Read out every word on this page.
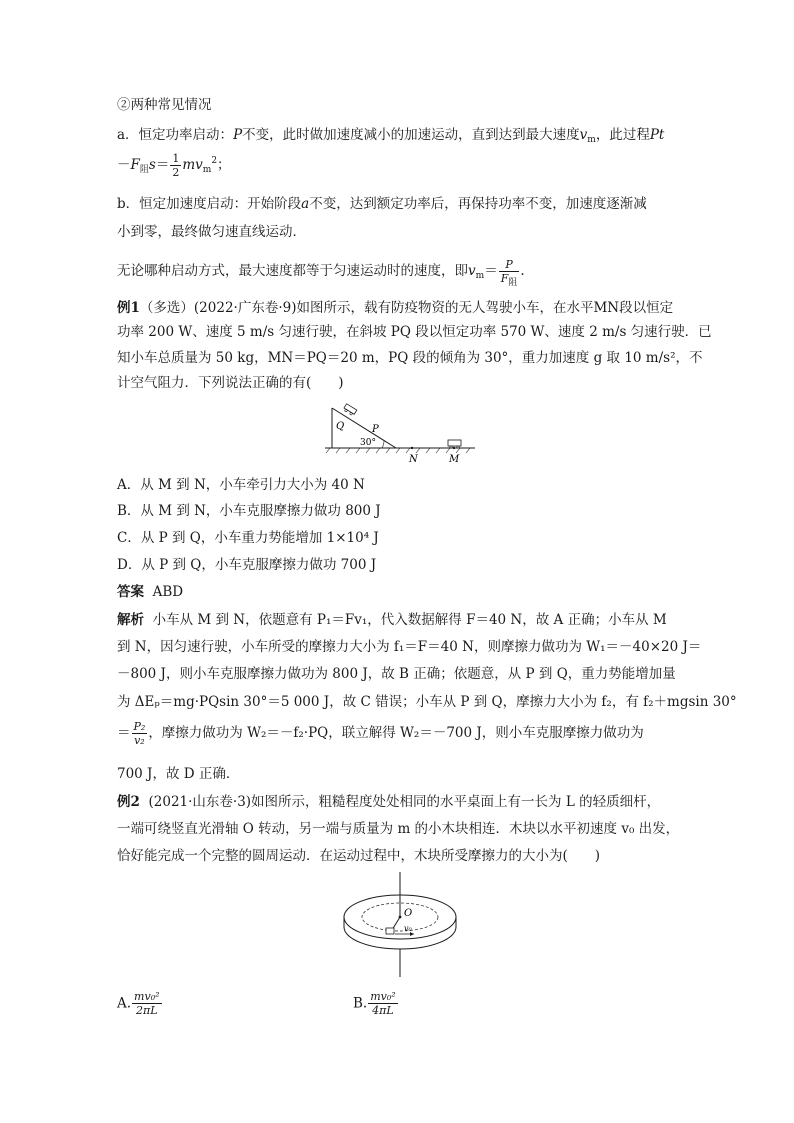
②两种常见情况
a．恒定功率启动：P不变，此时做加速度减小的加速运动，直到达到最大速度$v_m$，此过程Pt
$-F_阻s= \frac{1}{2} mv_m^2$；
b．恒定加速度启动：开始阶段a不变，达到额定功率后，再保持功率不变，加速度逐渐减
小到零，最终做匀速直线运动．
无论哪种启动方式，最大速度都等于匀速运动时的速度，即$v_m= \frac{P}{F_阻}$ .
例1（多选）(2022·广东卷·9)如图所示，载有防疫物资的无人驾驶小车，在水平MN段以恒定
功率 200 W、速度 5 m/s 匀速行驶，在斜坡 PQ 段以恒定功率 570 W、速度 2 m/s 匀速行驶．已
知小车总质量为 50 kg，MN＝PQ＝20 m，PQ 段的倾角为 30°，重力加速度 g 取 10 m/s²，不
计空气阻力．下列说法正确的有(　　)
Q	P
30°
N	M
A．从 M 到 N，小车牵引力大小为 40 N
B．从 M 到 N，小车克服摩擦力做功 800 J
C．从 P 到 Q，小车重力势能增加 1×10⁴ J
D．从 P 到 Q，小车克服摩擦力做功 700 J
答案 ABD
解析 小车从 M 到 N，依题意有 P₁＝Fv₁，代入数据解得 F＝40 N，故 A 正确；小车从 M
到 N，因匀速行驶，小车所受的摩擦力大小为 f₁＝F＝40 N，则摩擦力做功为 W₁＝－40×20 J＝
－800 J，则小车克服摩擦力做功为 800 J，故 B 正确；依题意，从 P 到 Q，重力势能增加量
为 ΔEₚ＝mg·PQsin 30°＝5 000 J，故 C 错误；小车从 P 到 Q，摩擦力大小为 f₂，有 f₂＋mgsin 30°
＝ $\frac{\text{P₂}}{\text{v₂}}$ ，摩擦力做功为 W₂＝－f₂·PQ，联立解得 W₂＝－700 J，则小车克服摩擦力做功为
700 J，故 D 正确．
例2 (2021·山东卷·3)如图所示，粗糙程度处处相同的水平桌面上有一长为 L 的轻质细杆，
一端可绕竖直光滑轴 O 转动，另一端与质量为 m 的小木块相连．木块以水平初速度 v₀ 出发，
恰好能完成一个完整的圆周运动．在运动过程中，木块所受摩擦力的大小为(　　)
O
v₀
A. $\frac{\text{mv₀²}}{2\pi L}$	B. $\frac{\text{mv₀²}}{4\pi L}$
